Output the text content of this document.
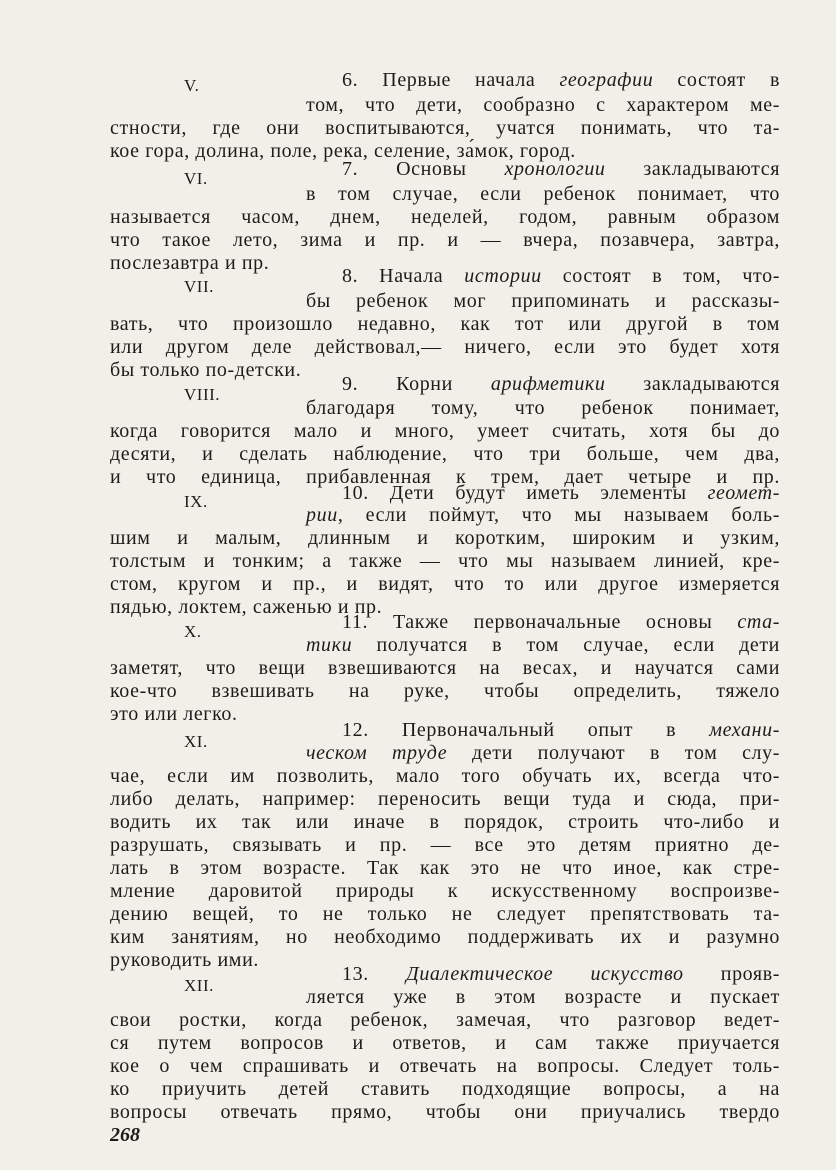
V.	6. Первые начала географии состоят в
том, что дети, сообразно с характером ме-
стности, где они воспитываются, учатся понимать, что та-
кое гора, долина, поле, река, селение, за́мок, город.
VI.	7. Основы хронологии закладываются
в том случае, если ребенок понимает, что
называется часом, днем, неделей, годом, равным образом
что такое лето, зима и пр. и — вчера, позавчера, завтра,
послезавтра и пр.
VII.	8. Начала истории состоят в том, что-
бы ребенок мог припоминать и рассказы-
вать, что произошло недавно, как тот или другой в том
или другом деле действовал,— ничего, если это будет хотя
бы только по-детски.
VIII.	9. Корни арифметики закладываются
благодаря тому, что ребенок понимает,
когда говорится мало и много, умеет считать, хотя бы до
десяти, и сделать наблюдение, что три больше, чем два,
и что единица, прибавленная к трем, дает четыре и пр.
IX.	10. Дети будут иметь элементы геомет-
рии, если поймут, что мы называем боль-
шим и малым, длинным и коротким, широким и узким,
толстым и тонким; а также — что мы называем линией, кре-
стом, кругом и пр., и видят, что то или другое измеряется
пядью, локтем, саженью и пр.
X.	11. Также первоначальные основы ста-
тики получатся в том случае, если дети
заметят, что вещи взвешиваются на весах, и научатся сами
кое-что взвешивать на руке, чтобы определить, тяжело
это или легко.
XI.
12. Первоначальный опыт в механи-
ческом труде дети получают в том слу-
чае, если им позволить, мало того обучать их, всегда что-
либо делать, например: переносить вещи туда и сюда, при-
водить их так или иначе в порядок, строить что-либо и
разрушать, связывать и пр. — все это детям приятно де-
лать в этом возрасте. Так как это не что иное, как стре-
мление даровитой природы к искусственному воспроизве-
дению вещей, то не только не следует препятствовать та-
ким занятиям, но необходимо поддерживать их и разумно
руководить ими.
XII.
13. Диалектическое искусство прояв-
ляется уже в этом возрасте и пускает
свои ростки, когда ребенок, замечая, что разговор ведет-
ся путем вопросов и ответов, и сам также приучается
кое о чем спрашивать и отвечать на вопросы. Следует толь-
ко приучить детей ставить подходящие вопросы, а на
вопросы отвечать прямо, чтобы они приучались твердо
268
